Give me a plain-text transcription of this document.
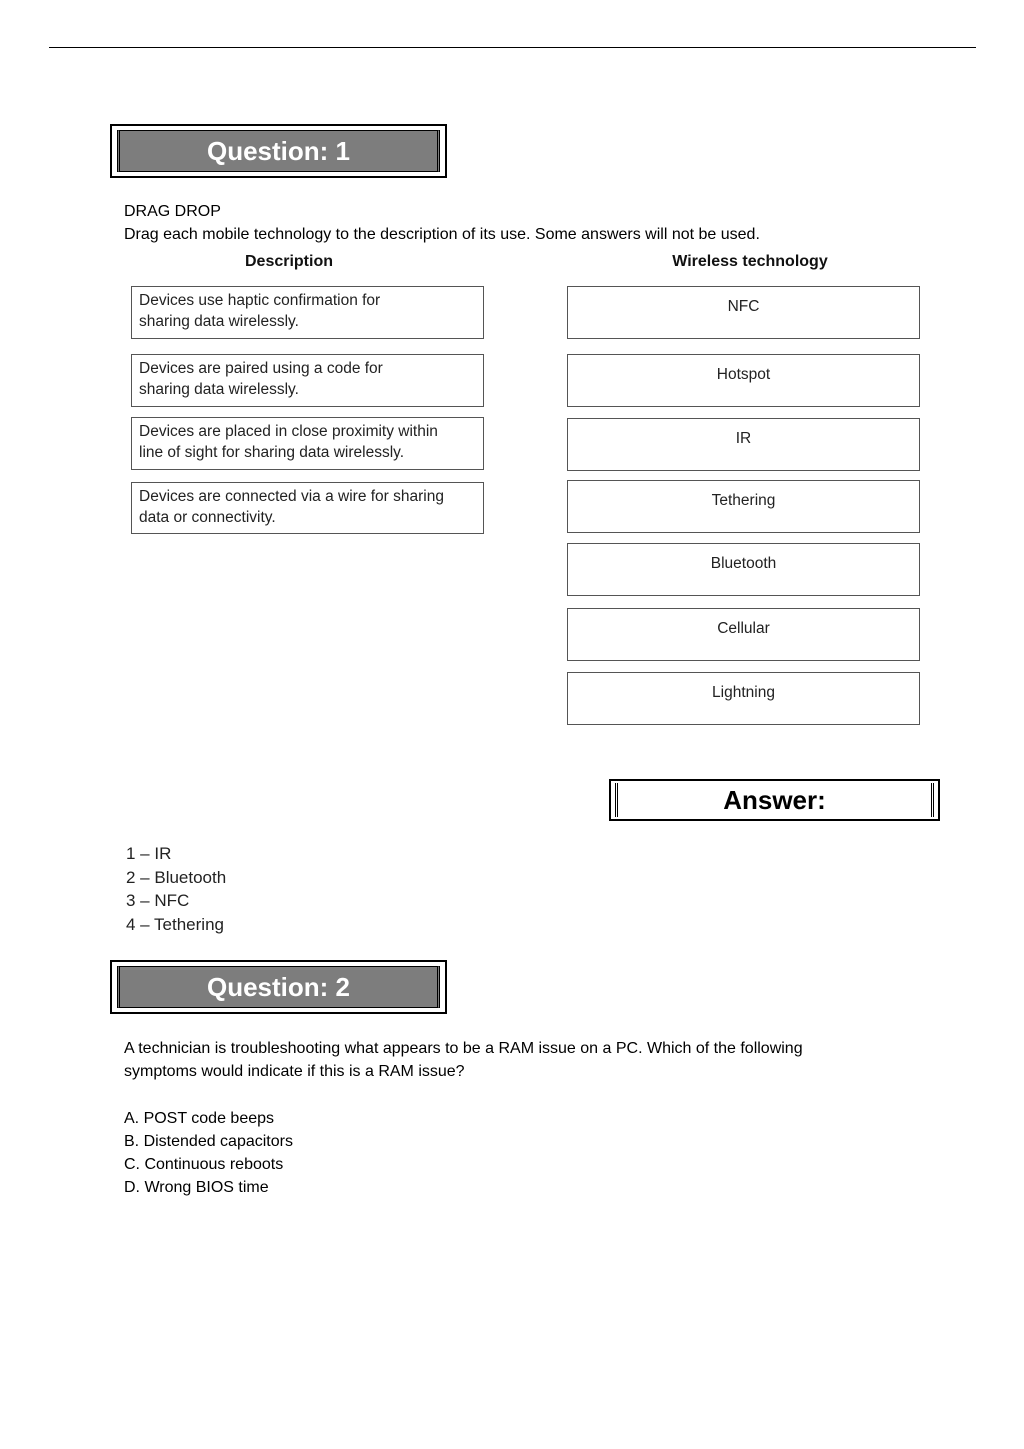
Question: 1
DRAG DROP
Drag each mobile technology to the description of its use. Some answers will not be used.
Description	Wireless technology
Devices use haptic confirmation for
sharing data wirelessly.
Devices are paired using a code for
sharing data wirelessly.
Devices are placed in close proximity within
line of sight for sharing data wirelessly.
Devices are connected via a wire for sharing
data or connectivity.
NFC
Hotspot
IR
Tethering
Bluetooth
Cellular
Lightning
Answer:
1 – IR
2 – Bluetooth
3 – NFC
4 – Tethering
Question: 2
A technician is troubleshooting what appears to be a RAM issue on a PC. Which of the following
symptoms would indicate if this is a RAM issue?
A. POST code beeps
B. Distended capacitors
C. Continuous reboots
D. Wrong BIOS time
